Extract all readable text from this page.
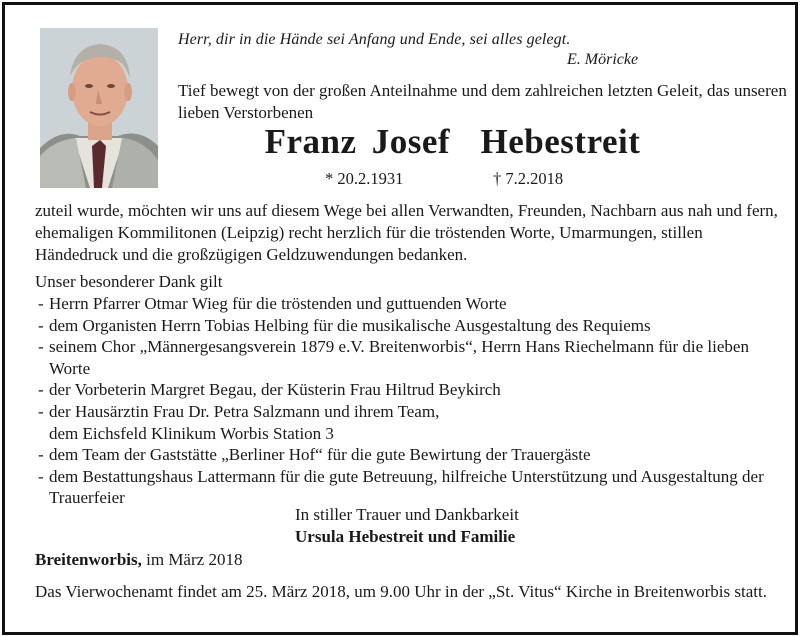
Herr, dir in die Hände sei Anfang und Ende, sei alles gelegt.
E. Möricke
Tief bewegt von der großen Anteilnahme und dem zahlreichen letzten Geleit, das unseren lieben Verstorbenen
Franz Josef  Hebestreit
* 20.2.1931	† 7.2.2018
zuteil wurde, möchten wir uns auf diesem Wege bei allen Verwandten, Freunden, Nachbarn aus nah und fern, ehemaligen Kommilitonen (Leipzig) recht herzlich für die tröstenden Worte, Umarmungen, stillen Händedruck und die großzügigen Geldzuwendungen bedanken.
Unser besonderer Dank gilt
- Herrn Pfarrer Otmar Wieg für die tröstenden und guttuenden Worte
- dem Organisten Herrn Tobias Helbing für die musikalische Ausgestaltung des Requiems
- seinem Chor „Männergesangsverein 1879 e.V. Breitenworbis“, Herrn Hans Riechelmann für die lieben Worte
- der Vorbeterin Margret Begau, der Küsterin Frau Hiltrud Beykirch
- der Hausärztin Frau Dr. Petra Salzmann und ihrem Team,
dem Eichsfeld Klinikum Worbis Station 3
- dem Team der Gaststätte „Berliner Hof“ für die gute Bewirtung der Trauergäste
- dem Bestattungshaus Lattermann für die gute Betreuung, hilfreiche Unterstützung und Ausgestaltung der Trauerfeier
In stiller Trauer und Dankbarkeit
Ursula Hebestreit und Familie
Breitenworbis, im März 2018
Das Vierwochenamt findet am 25. März 2018, um 9.00 Uhr in der „St. Vitus“ Kirche in Breitenworbis statt.
